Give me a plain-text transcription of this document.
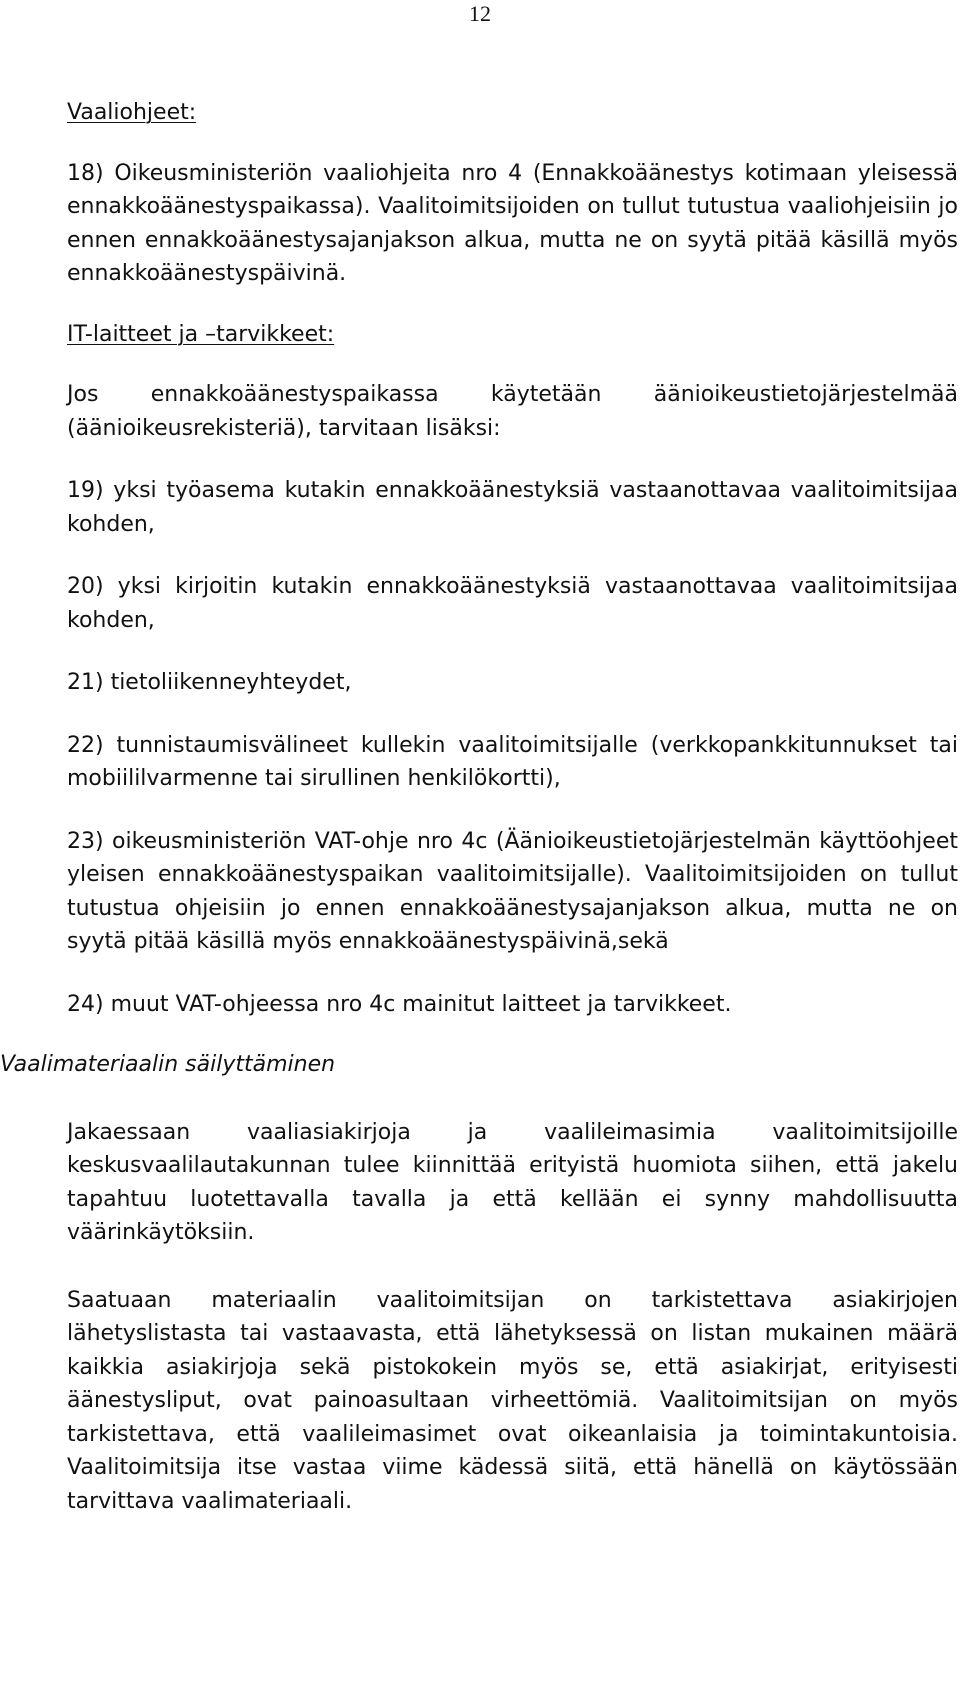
12

Vaaliohjeet:

18) Oikeusministeriön vaaliohjeita nro 4 (Ennakkoäänestys kotimaan yleisessä ennakkoäänestyspaikassa). Vaalitoimitsijoiden on tullut tutustua vaaliohjeisiin jo ennen ennakkoäänestysajanjakson alkua, mutta ne on syytä pitää käsillä myös ennakkoäänestyspäivinä.

IT-laitteet ja –tarvikkeet:

Jos ennakkoäänestyspaikassa käytetään äänioikeustietojärjestelmää (äänioikeusrekisteriä), tarvitaan lisäksi:

19) yksi työasema kutakin ennakkoäänestyksiä vastaanottavaa vaalitoimitsijaa kohden,

20) yksi kirjoitin kutakin ennakkoäänestyksiä vastaanottavaa vaalitoimitsijaa kohden,

21) tietoliikenneyhteydet,

22) tunnistaumisvälineet kullekin vaalitoimitsijalle (verkkopankkitunnukset tai mobiililvarmenne tai sirullinen henkilökortti),

23) oikeusministeriön VAT-ohje nro 4c (Äänioikeustietojärjestelmän käyttöohjeet yleisen ennakkoäänestyspaikan vaalitoimitsijalle). Vaalitoimitsijoiden on tullut tutustua ohjeisiin jo ennen ennakkoäänestysajanjakson alkua, mutta ne on syytä pitää käsillä myös ennakkoäänestyspäivinä,sekä

24) muut VAT-ohjeessa nro 4c mainitut laitteet ja tarvikkeet.

Vaalimateriaalin säilyttäminen

Jakaessaan vaaliasiakirjoja ja vaalileimasimia vaalitoimitsijoille keskusvaalilautakunnan tulee kiinnittää erityistä huomiota siihen, että jakelu tapahtuu luotettavalla tavalla ja että kellään ei synny mahdollisuutta väärinkäytöksiin.

Saatuaan materiaalin vaalitoimitsijan on tarkistettava asiakirjojen lähetyslistasta tai vastaavasta, että lähetyksessä on listan mukainen määrä kaikkia asiakirjoja sekä pistokokein myös se, että asiakirjat, erityisesti äänestysliput, ovat painoasultaan virheettömiä. Vaalitoimitsijan on myös tarkistettava, että vaalileimasimet ovat oikeanlaisia ja toimintakuntoisia. Vaalitoimitsija itse vastaa viime kädessä siitä, että hänellä on käytössään tarvittava vaalimateriaali.
